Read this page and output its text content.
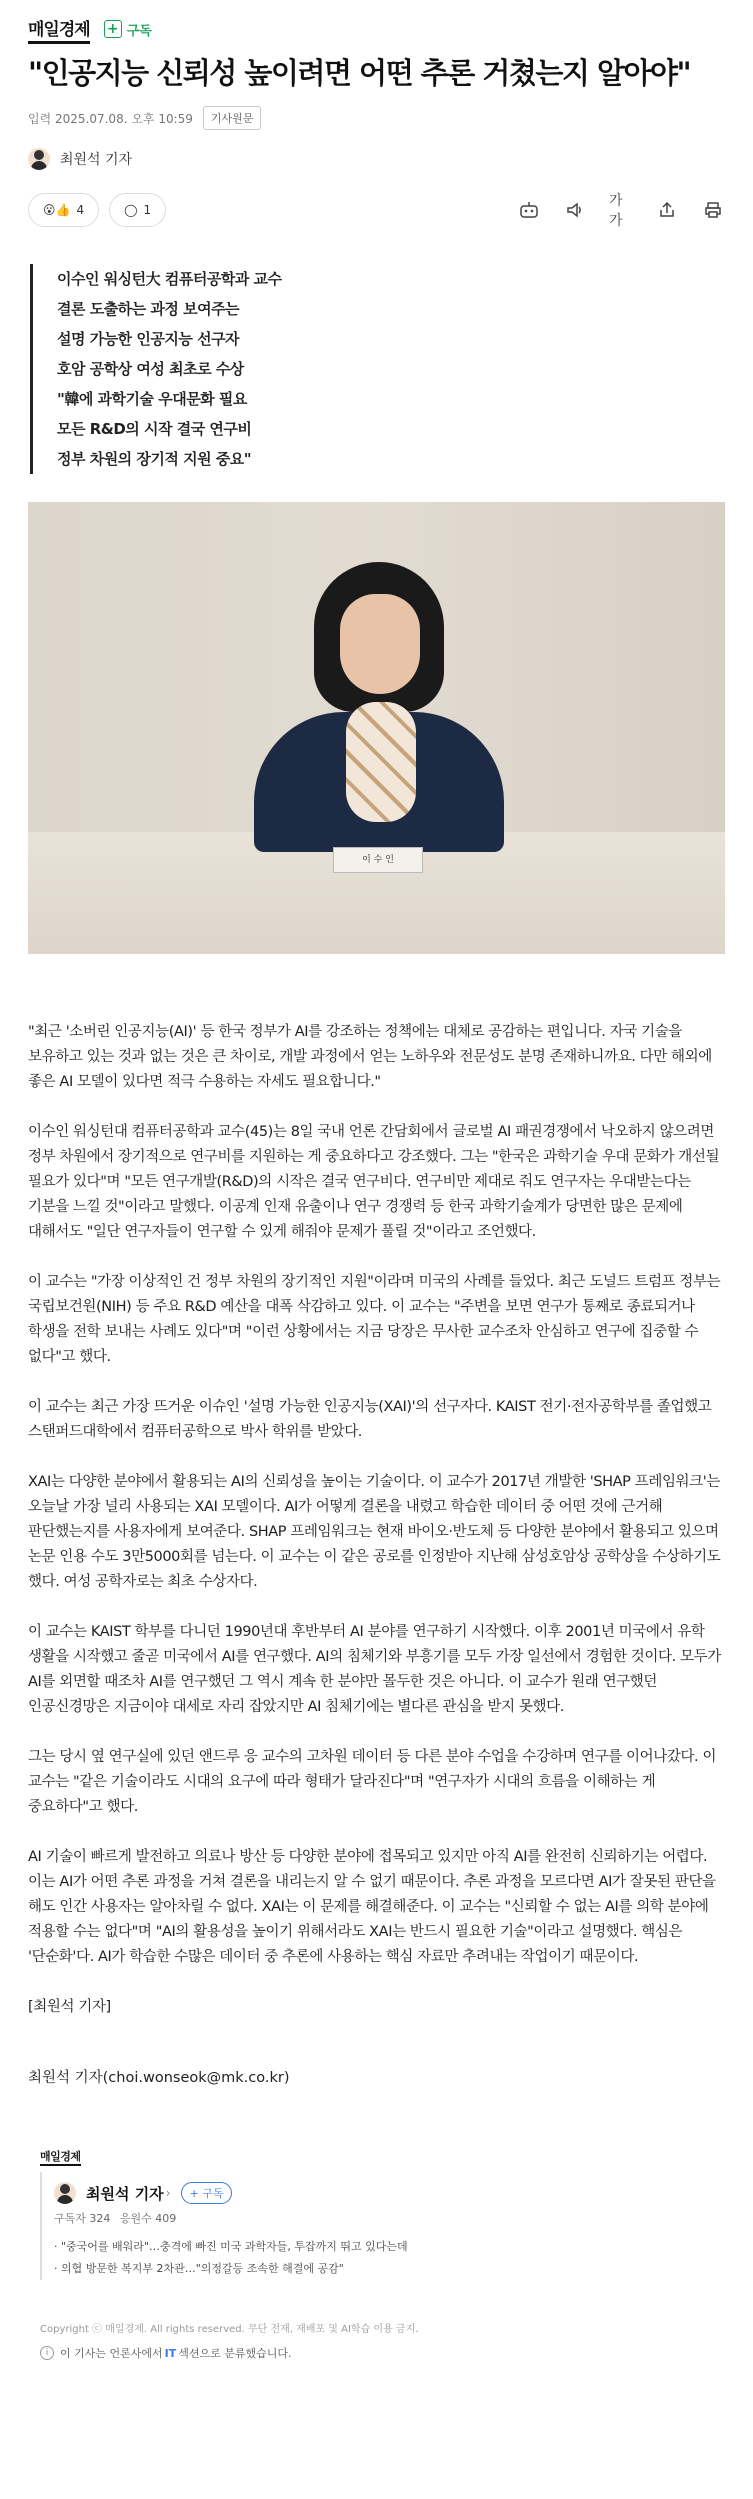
매일경제 + 구독
"인공지능 신뢰성 높이려면 어떤 추론 거쳤는지 알아야"
입력 2025.07.08. 오후 10:59	기사원문
최원석 기자
😮👍 4	◯ 1
가가

이수인 워싱턴大 컴퓨터공학과 교수

결론 도출하는 과정 보여주는

설명 가능한 인공지능 선구자

호암 공학상 여성 최초로 수상

"韓에 과학기술 우대문화 필요

모든 R&D의 시작 결국 연구비

정부 차원의 장기적 지원 중요"

이 수 인

"최근 '소버린 인공지능(AI)' 등 한국 정부가 AI를 강조하는 정책에는 대체로 공감하는 편입니다. 자국 기술을 보유하고 있는 것과 없는 것은 큰 차이로, 개발 과정에서 얻는 노하우와 전문성도 분명 존재하니까요. 다만 해외에 좋은 AI 모델이 있다면 적극 수용하는 자세도 필요합니다."

이수인 워싱턴대 컴퓨터공학과 교수(45)는 8일 국내 언론 간담회에서 글로벌 AI 패권경쟁에서 낙오하지 않으려면 정부 차원에서 장기적으로 연구비를 지원하는 게 중요하다고 강조했다. 그는 "한국은 과학기술 우대 문화가 개선될 필요가 있다"며 "모든 연구개발(R&D)의 시작은 결국 연구비다. 연구비만 제대로 줘도 연구자는 우대받는다는 기분을 느낄 것"이라고 말했다. 이공계 인재 유출이나 연구 경쟁력 등 한국 과학기술계가 당면한 많은 문제에 대해서도 "일단 연구자들이 연구할 수 있게 해줘야 문제가 풀릴 것"이라고 조언했다.

이 교수는 "가장 이상적인 건 정부 차원의 장기적인 지원"이라며 미국의 사례를 들었다. 최근 도널드 트럼프 정부는 국립보건원(NIH) 등 주요 R&D 예산을 대폭 삭감하고 있다. 이 교수는 "주변을 보면 연구가 통째로 종료되거나 학생을 전학 보내는 사례도 있다"며 "이런 상황에서는 지금 당장은 무사한 교수조차 안심하고 연구에 집중할 수 없다"고 했다.

이 교수는 최근 가장 뜨거운 이슈인 '설명 가능한 인공지능(XAI)'의 선구자다. KAIST 전기·전자공학부를 졸업했고 스탠퍼드대학에서 컴퓨터공학으로 박사 학위를 받았다.

XAI는 다양한 분야에서 활용되는 AI의 신뢰성을 높이는 기술이다. 이 교수가 2017년 개발한 'SHAP 프레임워크'는 오늘날 가장 널리 사용되는 XAI 모델이다. AI가 어떻게 결론을 내렸고 학습한 데이터 중 어떤 것에 근거해 판단했는지를 사용자에게 보여준다. SHAP 프레임워크는 현재 바이오·반도체 등 다양한 분야에서 활용되고 있으며 논문 인용 수도 3만5000회를 넘는다. 이 교수는 이 같은 공로를 인정받아 지난해 삼성호암상 공학상을 수상하기도 했다. 여성 공학자로는 최초 수상자다.

이 교수는 KAIST 학부를 다니던 1990년대 후반부터 AI 분야를 연구하기 시작했다. 이후 2001년 미국에서 유학 생활을 시작했고 줄곧 미국에서 AI를 연구했다. AI의 침체기와 부흥기를 모두 가장 일선에서 경험한 것이다. 모두가 AI를 외면할 때조차 AI를 연구했던 그 역시 계속 한 분야만 몰두한 것은 아니다. 이 교수가 원래 연구했던 인공신경망은 지금이야 대세로 자리 잡았지만 AI 침체기에는 별다른 관심을 받지 못했다.

그는 당시 옆 연구실에 있던 앤드루 응 교수의 고차원 데이터 등 다른 분야 수업을 수강하며 연구를 이어나갔다. 이 교수는 "같은 기술이라도 시대의 요구에 따라 형태가 달라진다"며 "연구자가 시대의 흐름을 이해하는 게 중요하다"고 했다.

AI 기술이 빠르게 발전하고 의료나 방산 등 다양한 분야에 접목되고 있지만 아직 AI를 완전히 신뢰하기는 어렵다. 이는 AI가 어떤 추론 과정을 거쳐 결론을 내리는지 알 수 없기 때문이다. 추론 과정을 모르다면 AI가 잘못된 판단을 해도 인간 사용자는 알아차릴 수 없다. XAI는 이 문제를 해결해준다. 이 교수는 "신뢰할 수 없는 AI를 의학 분야에 적용할 수는 없다"며 "AI의 활용성을 높이기 위해서라도 XAI는 반드시 필요한 기술"이라고 설명했다. 핵심은 '단순화'다. AI가 학습한 수많은 데이터 중 추론에 사용하는 핵심 자료만 추려내는 작업이기 때문이다.

[최원석 기자]

최원석 기자(choi.wonseok@mk.co.kr)
매일경제
최원석 기자 ›	+ 구독
구독자 324 응원수 409
· "중국어를 배워라"…충격에 빠진 미국 과학자들, 투잡까지 뛰고 있다는데
· 의협 방문한 복지부 2차관…"의정갈등 조속한 해결에 공감"
Copyright ⓒ 매일경제. All rights reserved. 무단 전재, 재배포 및 AI학습 이용 금지.
i	이 기사는 언론사에서 IT 섹션으로 분류했습니다.
